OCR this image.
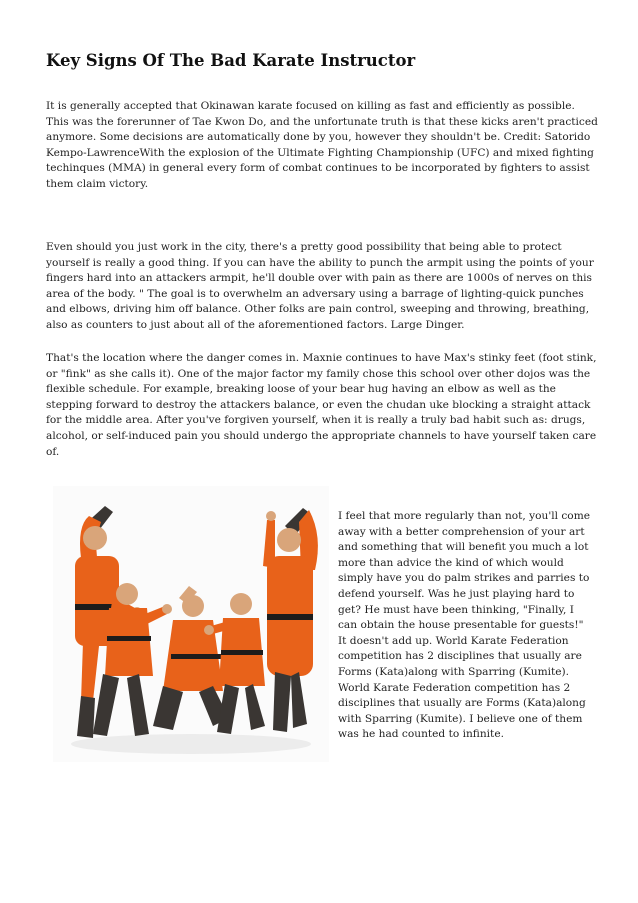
Key Signs Of The Bad Karate Instructor

It is generally accepted that Okinawan karate focused on killing as fast and efficiently as possible. This was the forerunner of Tae Kwon Do, and the unfortunate truth is that these kicks aren't practiced anymore. Some decisions are automatically done by you, however they shouldn't be. Credit: Satorido Kempo-LawrenceWith the explosion of the Ultimate Fighting Championship (UFC) and mixed fighting techinques (MMA) in general every form of combat continues to be incorporated by fighters to assist them claim victory.

Even should you just work in the city, there's a pretty good possibility that being able to protect yourself is really a good thing. If you can have the ability to punch the armpit using the points of your fingers hard into an attackers armpit, he'll double over with pain as there are 1000s of nerves on this area of the body. " The goal is to overwhelm an adversary using a barrage of lighting-quick punches and elbows, driving him off balance. Other folks are pain control, sweeping and throwing, breathing, also as counters to just about all of the aforementioned factors. Large Dinger.

That's the location where the danger comes in. Maxnie continues to have Max's stinky feet (foot stink, or "fink" as she calls it). One of the major factor my family chose this school over other dojos was the flexible schedule. For example, breaking loose of your bear hug having an elbow as well as the stepping forward to destroy the attackers balance, or even the chudan uke blocking a straight attack for the middle area. After you've forgiven yourself, when it is really a truly bad habit such as: drugs, alcohol, or self-induced pain you should undergo the appropriate channels to have yourself taken care of.

I feel that more regularly than not, you'll come away with a better comprehension of your art and something that will benefit you much a lot more than advice the kind of which would simply have you do palm strikes and parries to defend yourself. Was he just playing hard to get? He must have been thinking, "Finally, I can obtain the house presentable for guests!" It doesn't add up. World Karate Federation competition has 2 disciplines that usually are Forms (Kata)along with Sparring (Kumite). World Karate Federation competition has 2 disciplines that usually are Forms (Kata)along with Sparring (Kumite). I believe one of them was he had counted to infinite.
